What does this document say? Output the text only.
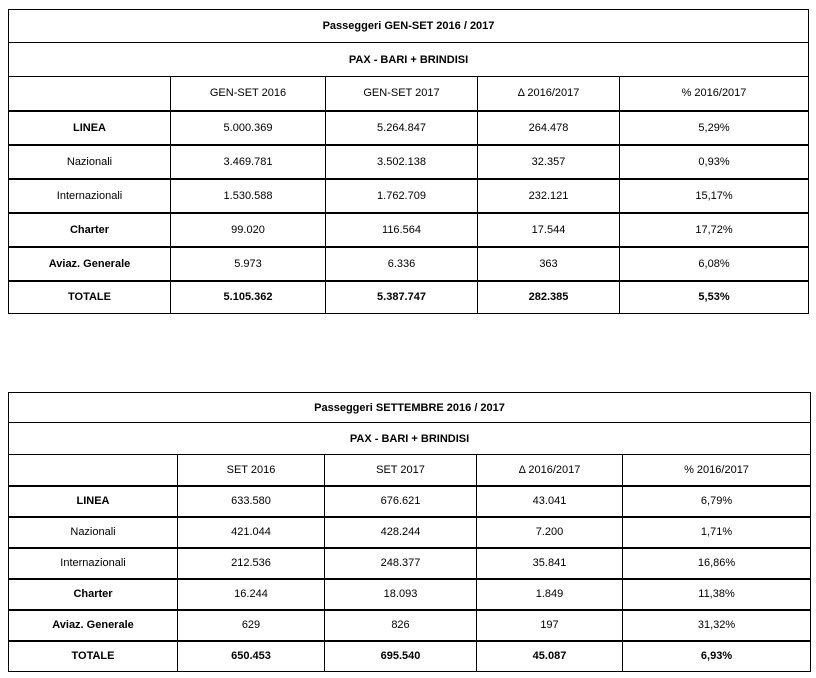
Passeggeri GEN-SET 2016 / 2017				
PAX - BARI + BRINDISI				
	GEN-SET 2016	GEN-SET 2017	Δ 2016/2017	% 2016/2017
LINEA	5.000.369	5.264.847	264.478	5,29%
Nazionali	3.469.781	3.502.138	32.357	0,93%
Internazionali	1.530.588	1.762.709	232.121	15,17%
Charter	99.020	116.564	17.544	17,72%
Aviaz. Generale	5.973	6.336	363	6,08%
TOTALE	5.105.362	5.387.747	282.385	5,53%
Passeggeri SETTEMBRE 2016 / 2017				
PAX - BARI + BRINDISI				
	SET 2016	SET 2017	Δ 2016/2017	% 2016/2017
LINEA	633.580	676.621	43.041	6,79%
Nazionali	421.044	428.244	7.200	1,71%
Internazionali	212.536	248.377	35.841	16,86%
Charter	16.244	18.093	1.849	11,38%
Aviaz. Generale	629	826	197	31,32%
TOTALE	650.453	695.540	45.087	6,93%
